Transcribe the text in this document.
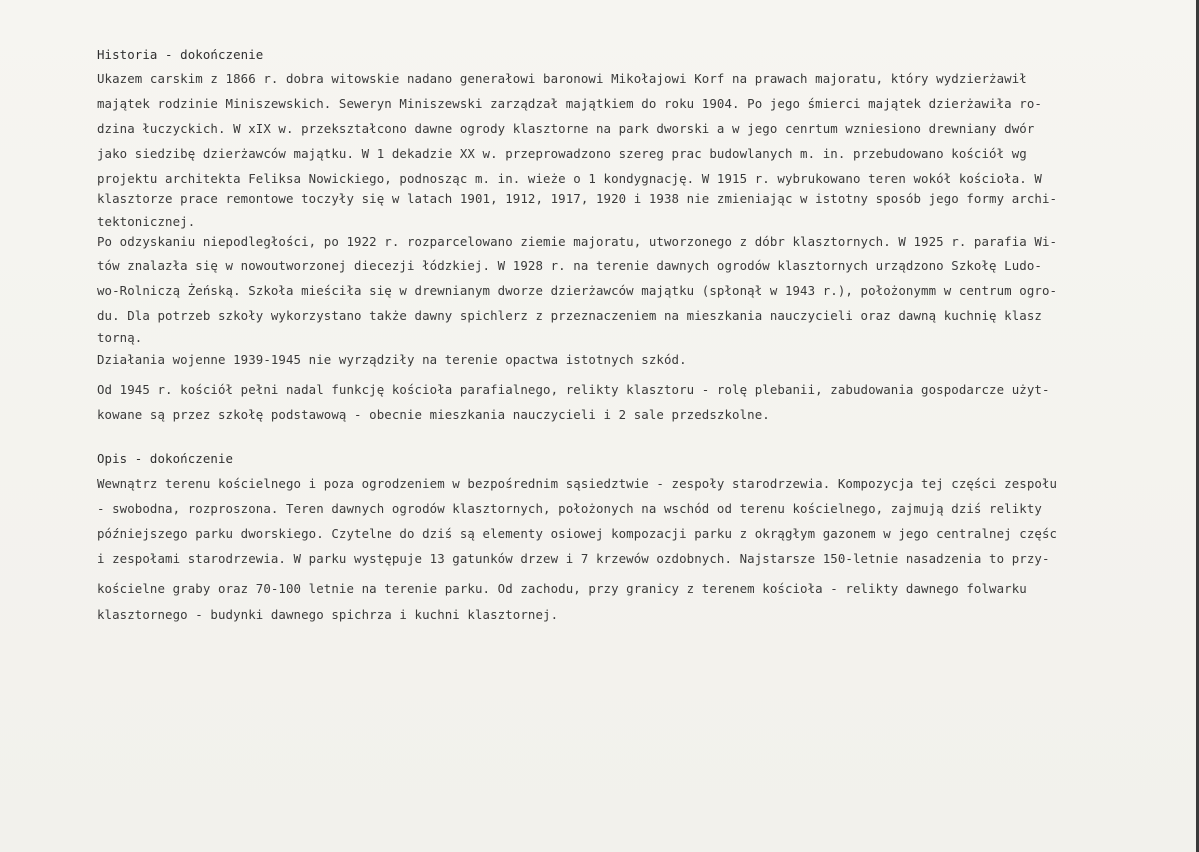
Historia - dokończenie
Ukazem carskim z 1866 r. dobra witowskie nadano generałowi baronowi Mikołajowi Korf na prawach majoratu, który wydzierżawił
majątek rodzinie Miniszewskich. Seweryn Miniszewski zarządzał majątkiem do roku 1904. Po jego śmierci majątek dzierżawiła ro-
dzina łuczyckich. W xIX w. przekształcono dawne ogrody klasztorne na park dworski a w jego cenrtum wzniesiono drewniany dwór
jako siedzibę dzierżawców majątku. W 1 dekadzie XX w. przeprowadzono szereg prac budowlanych m. in. przebudowano kościół wg
projektu architekta Feliksa Nowickiego, podnosząc m. in. wieże o 1 kondygnację. W 1915 r. wybrukowano teren wokół kościoła. W
klasztorze prace remontowe toczyły się w latach 1901, 1912, 1917, 1920 i 1938 nie zmieniając w istotny sposób jego formy archi-
tektonicznej.
Po odzyskaniu niepodległości, po 1922 r. rozparcelowano ziemie majoratu, utworzonego z dóbr klasztornych. W 1925 r. parafia Wi-
tów znalazła się w nowoutworzonej diecezji łódzkiej. W 1928 r. na terenie dawnych ogrodów klasztornych urządzono Szkołę Ludo-
wo-Rolniczą Żeńską. Szkoła mieściła się w drewnianym dworze dzierżawców majątku (spłonął w 1943 r.), położonymm w centrum ogro-
du. Dla potrzeb szkoły wykorzystano także dawny spichlerz z przeznaczeniem na mieszkania nauczycieli oraz dawną kuchnię klasz
torną.
Działania wojenne 1939-1945 nie wyrządziły na terenie opactwa istotnych szkód.
Od 1945 r. kościół pełni nadal funkcję kościoła parafialnego, relikty klasztoru - rolę plebanii, zabudowania gospodarcze użyt-
kowane są przez szkołę podstawową - obecnie mieszkania nauczycieli i 2 sale przedszkolne.
Opis - dokończenie
Wewnątrz terenu kościelnego i poza ogrodzeniem w bezpośrednim sąsiedztwie - zespoły starodrzewia. Kompozycja tej części zespołu
- swobodna, rozproszona. Teren dawnych ogrodów klasztornych, położonych na wschód od terenu kościelnego, zajmują dziś relikty
późniejszego parku dworskiego. Czytelne do dziś są elementy osiowej kompozacji parku z okrągłym gazonem w jego centralnej częśc
i zespołami starodrzewia. W parku występuje 13 gatunków drzew i 7 krzewów ozdobnych. Najstarsze 150-letnie nasadzenia to przy-
kościelne graby oraz 70-100 letnie na terenie parku. Od zachodu, przy granicy z terenem kościoła - relikty dawnego folwarku
klasztornego - budynki dawnego spichrza i kuchni klasztornej.
